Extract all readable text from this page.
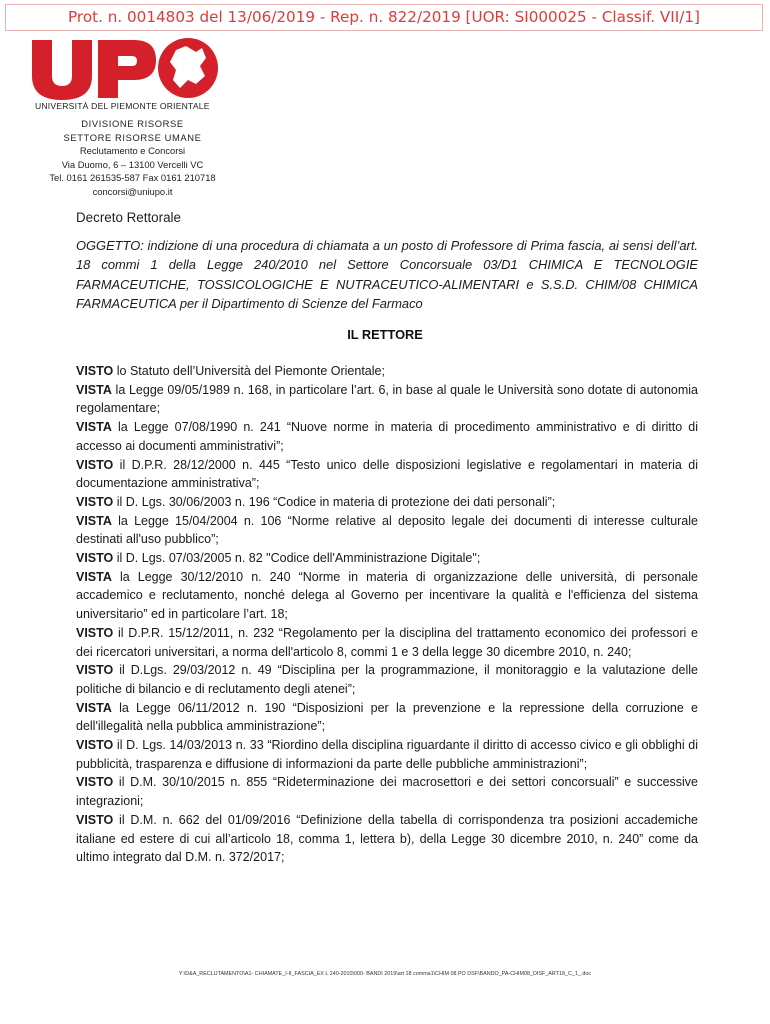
Prot. n. 0014803 del 13/06/2019 - Rep. n. 822/2019 [UOR: SI000025 - Classif. VII/1]
UNIVERSITÀ DEL PIEMONTE ORIENTALE
DIVISIONE RISORSE
SETTORE RISORSE UMANE
Reclutamento e Concorsi
Via Duomo, 6 – 13100 Vercelli VC
Tel. 0161 261535-587 Fax 0161 210718
concorsi@uniupo.it
Decreto Rettorale
OGGETTO: indizione di una procedura di chiamata a un posto di Professore di Prima fascia, ai sensi dell’art. 18 commi 1 della Legge 240/2010 nel Settore Concorsuale 03/D1 CHIMICA E TECNOLOGIE FARMACEUTICHE, TOSSICOLOGICHE E NUTRACEUTICO-ALIMENTARI e S.S.D. CHIM/08 CHIMICA FARMACEUTICA per il Dipartimento di Scienze del Farmaco
IL RETTORE
VISTO lo Statuto dell’Università del Piemonte Orientale;
VISTA la Legge 09/05/1989 n. 168, in particolare l’art. 6, in base al quale le Università sono dotate di autonomia regolamentare;
VISTA la Legge 07/08/1990 n. 241 “Nuove norme in materia di procedimento amministrativo e di diritto di accesso ai documenti amministrativi”;
VISTO il D.P.R. 28/12/2000 n. 445 “Testo unico delle disposizioni legislative e regolamentari in materia di documentazione amministrativa”;
VISTO il D. Lgs. 30/06/2003 n. 196 “Codice in materia di protezione dei dati personali”;
VISTA la Legge 15/04/2004 n. 106 “Norme relative al deposito legale dei documenti di interesse culturale destinati all'uso pubblico”;
VISTO il D. Lgs. 07/03/2005 n. 82 "Codice dell'Amministrazione Digitale";
VISTA la Legge 30/12/2010 n. 240 “Norme in materia di organizzazione delle università, di personale accademico e reclutamento, nonché delega al Governo per incentivare la qualità e l'efficienza del sistema universitario” ed in particolare l’art. 18;
VISTO il D.P.R. 15/12/2011, n. 232 “Regolamento per la disciplina del trattamento economico dei professori e dei ricercatori universitari, a norma dell'articolo 8, commi 1 e 3 della legge 30 dicembre 2010, n. 240;
VISTO il D.Lgs. 29/03/2012 n. 49 “Disciplina per la programmazione, il monitoraggio e la valutazione delle politiche di bilancio e di reclutamento degli atenei”;
VISTA la Legge 06/11/2012 n. 190 “Disposizioni per la prevenzione e la repressione della corruzione e dell'illegalità nella pubblica amministrazione”;
VISTO il D. Lgs. 14/03/2013 n. 33 “Riordino della disciplina riguardante il diritto di accesso civico e gli obblighi di pubblicità, trasparenza e diffusione di informazioni da parte delle pubbliche amministrazioni”;
VISTO il D.M. 30/10/2015 n. 855 “Rideterminazione dei macrosettori e dei settori concorsuali” e successive integrazioni;
VISTO il D.M. n. 662 del 01/09/2016 “Definizione della tabella di corrispondenza tra posizioni accademiche italiane ed estere di cui all’articolo 18, comma 1, lettera b), della Legge 30 dicembre 2010, n. 240” come da ultimo integrato dal D.M. n. 372/2017;
Y:\D&A_RECLUTAMENTO\A1- CHIAMATE_I-II_FASCIA_EX L 240-2010\000- BANDI 2019\art 18 comma1\CHIM 08 PO DSF\BANDO_PA-CHIM08_DISF_ART18_C_1_.doc
